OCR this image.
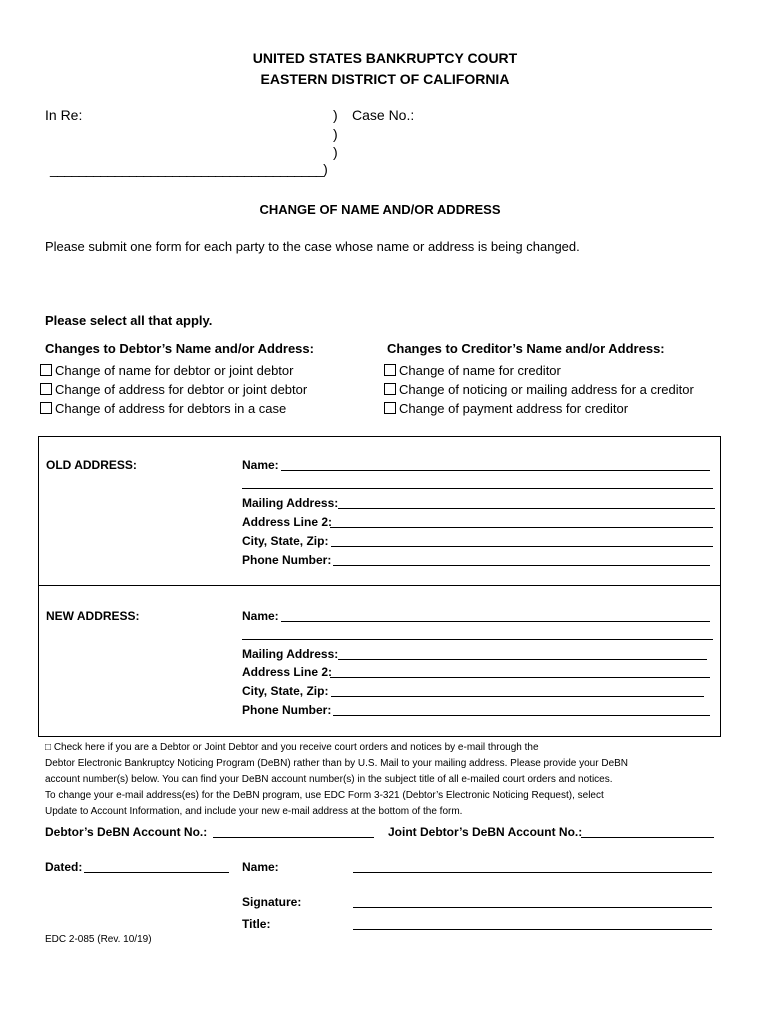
UNITED STATES BANKRUPTCY COURT
EASTERN DISTRICT OF CALIFORNIA
In Re:	) Case No.:
)
)
______________________________________)
CHANGE OF NAME AND/OR ADDRESS
Please submit one form for each party to the case whose name or address is being changed.
Please select all that apply.
Changes to Debtor’s Name and/or Address:
Change of name for debtor or joint debtor
Change of address for debtor or joint debtor
Change of address for debtors in a case
Changes to Creditor’s Name and/or Address:
Change of name for creditor
Change of noticing or mailing address for a creditor
Change of payment address for creditor
OLD ADDRESS:	Name:
Mailing Address:
Address Line 2:
City, State, Zip:
Phone Number:
NEW ADDRESS:	Name:
Mailing Address:
Address Line 2:
City, State, Zip:
Phone Number:
□ Check here if you are a Debtor or Joint Debtor and you receive court orders and notices by e-mail through the
Debtor Electronic Bankruptcy Noticing Program (DeBN) rather than by U.S. Mail to your mailing address. Please provide your DeBN
account number(s) below. You can find your DeBN account number(s) in the subject title of all e-mailed court orders and notices.
To change your e-mail address(es) for the DeBN program, use EDC Form 3-321 (Debtor’s Electronic Noticing Request), select
Update to Account Information, and include your new e-mail address at the bottom of the form.
Debtor’s DeBN Account No.:	Joint Debtor’s DeBN Account No.:
Dated:	Name:
Signature:
Title:
EDC 2-085 (Rev. 10/19)
